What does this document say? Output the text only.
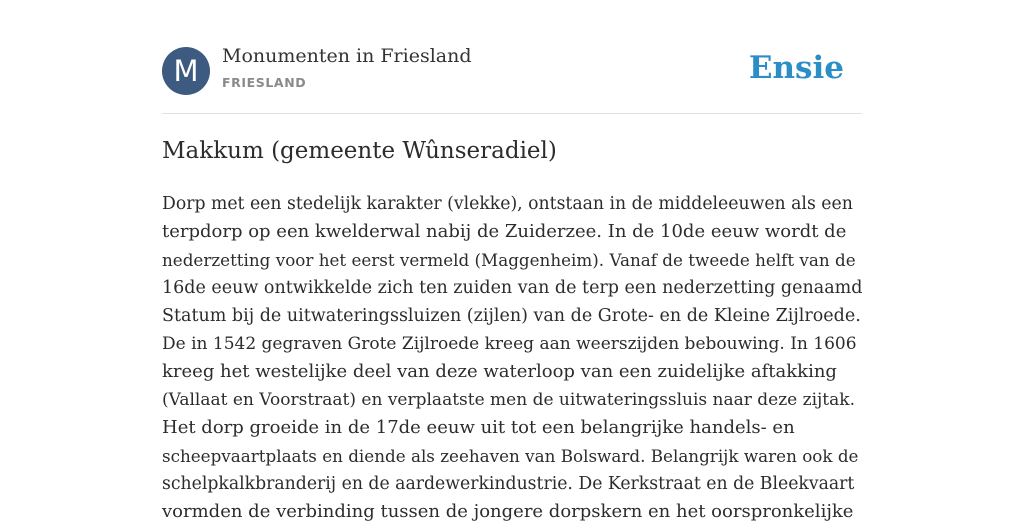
M	Monumenten in Friesland
FRIESLAND	Ensie
Makkum (gemeente Wûnseradiel)

Dorp met een stedelijk karakter (vlekke), ontstaan in de middeleeuwen als een
terpdorp op een kwelderwal nabij de Zuiderzee. In de 10de eeuw wordt de
nederzetting voor het eerst vermeld (Maggenheim). Vanaf de tweede helft van de
16de eeuw ontwikkelde zich ten zuiden van de terp een nederzetting genaamd
Statum bij de uitwateringssluizen (zijlen) van de Grote- en de Kleine Zijlroede.
De in 1542 gegraven Grote Zijlroede kreeg aan weerszijden bebouwing. In 1606
kreeg het westelijke deel van deze waterloop van een zuidelijke aftakking
(Vallaat en Voorstraat) en verplaatste men de uitwateringssluis naar deze zijtak.
Het dorp groeide in de 17de eeuw uit tot een belangrijke handels- en
scheepvaartplaats en diende als zeehaven van Bolsward. Belangrijk waren ook de
schelpkalkbranderij en de aardewerkindustrie. De Kerkstraat en de Bleekvaart
vormden de verbinding tussen de jongere dorpskern en het oorspronkelijke
